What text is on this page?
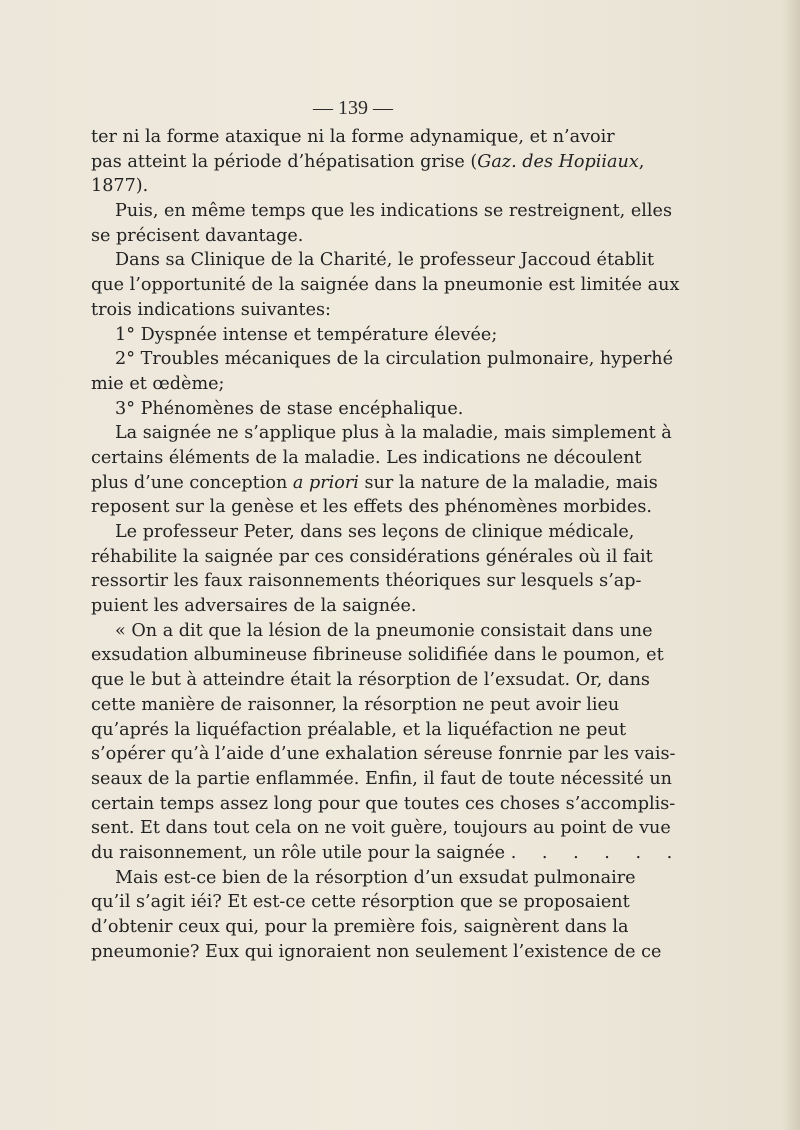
— 139 —
ter ni la forme ataxique ni la forme adynamique, et n’avoir
pas atteint la période d’hépatisation grise (Gaz. des Hopiiaux,
1877).
Puis, en même temps que les indications se restreignent, elles
se précisent davantage.
Dans sa Clinique de la Charité, le professeur Jaccoud établit
que l’opportunité de la saignée dans la pneumonie est limitée aux
trois indications suivantes:
1° Dyspnée intense et température élevée;
2° Troubles mécaniques de la circulation pulmonaire, hyperhé
mie et œdème;
3° Phénomènes de stase encéphalique.
La saignée ne s’applique plus à la maladie, mais simplement à
certains éléments de la maladie. Les indications ne découlent
plus d’une conception a priori sur la nature de la maladie, mais
reposent sur la genèse et les effets des phénomènes morbides.
Le professeur Peter, dans ses leçons de clinique médicale,
réhabilite la saignée par ces considérations générales où il fait
ressortir les faux raisonnements théoriques sur lesquels s’ap-
puient les adversaires de la saignée.
« On a dit que la lésion de la pneumonie consistait dans une
exsudation albumineuse fibrineuse solidifiée dans le poumon, et
que le but à atteindre était la résorption de l’exsudat. Or, dans
cette manière de raisonner, la résorption ne peut avoir lieu
qu’aprés la liquéfaction préalable, et la liquéfaction ne peut
s’opérer qu’à l’aide d’une exhalation séreuse fonrnie par les vais-
seaux de la partie enflammée. Enfin, il faut de toute nécessité un
certain temps assez long pour que toutes ces choses s’accomplis-
sent. Et dans tout cela on ne voit guère, toujours au point de vue
du raisonnement, un rôle utile pour la saignée . . . . . .
Mais est-ce bien de la résorption d’un exsudat pulmonaire
qu’il s’agit iéi? Et est-ce cette résorption que se proposaient
d’obtenir ceux qui, pour la première fois, saignèrent dans la
pneumonie? Eux qui ignoraient non seulement l’existence de ce
